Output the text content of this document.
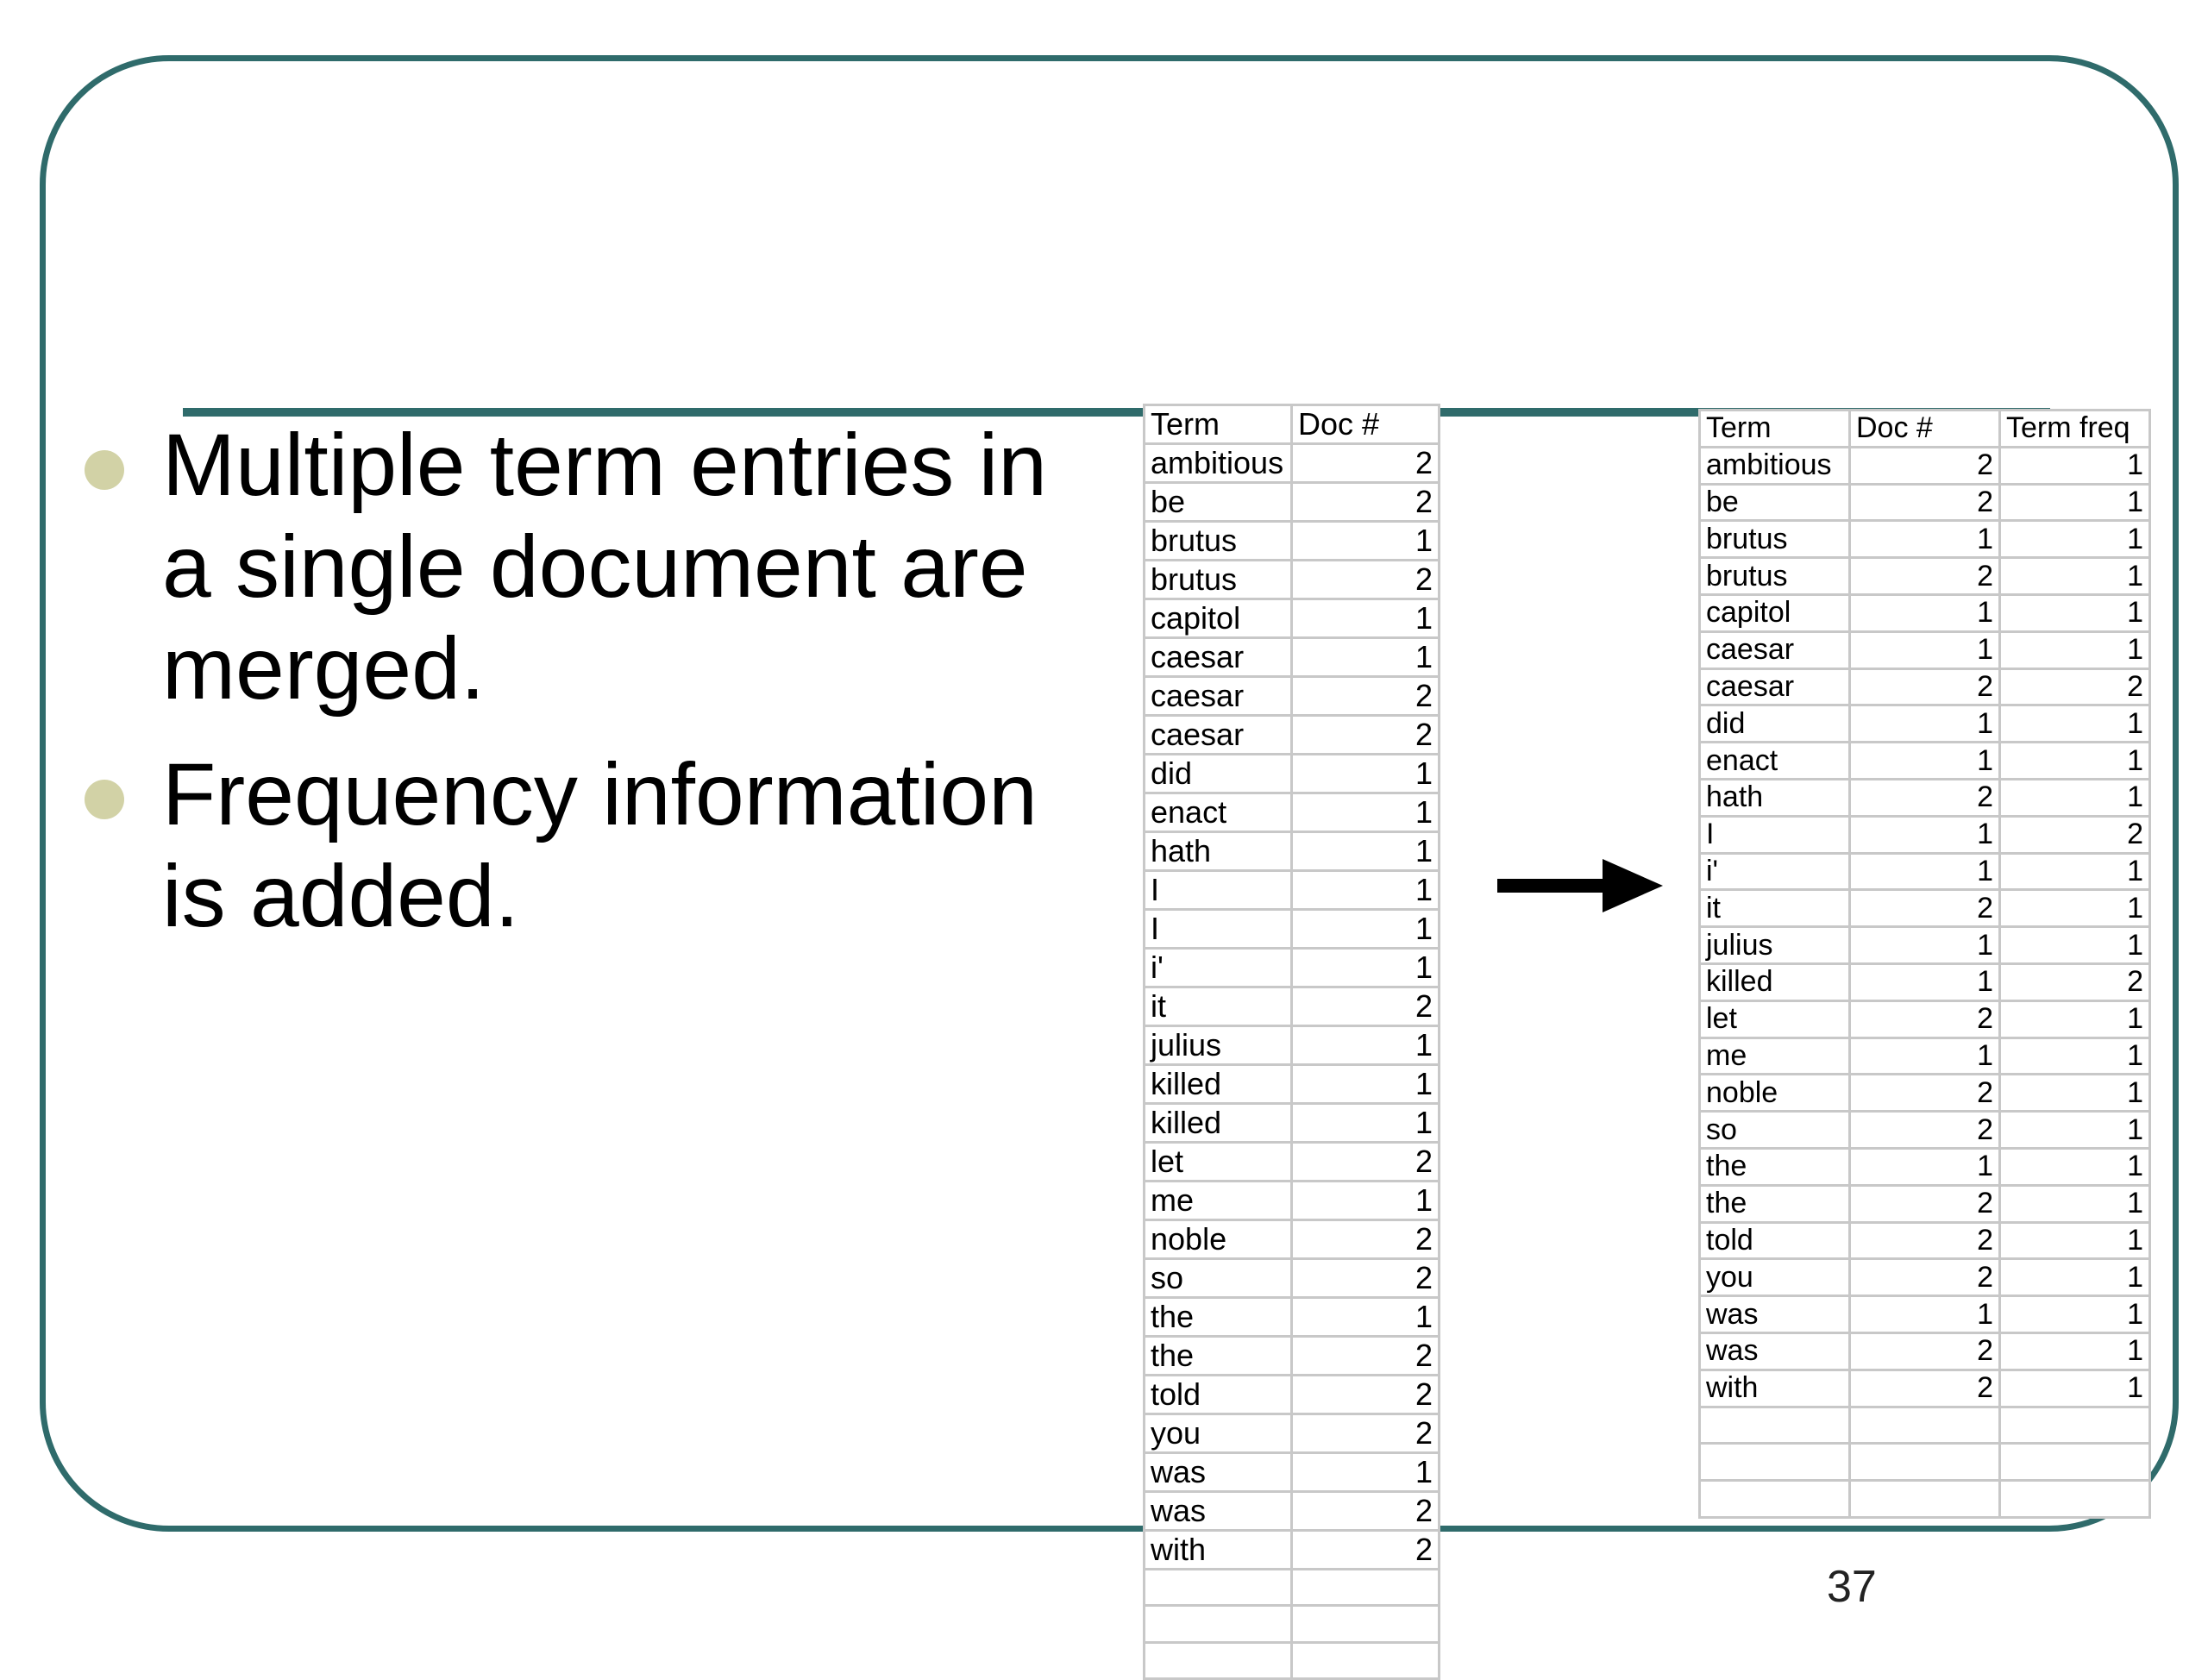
Multiple term entries in a single document are merged.
Frequency information is added.
Term	Doc #
ambitious	2
be	2
brutus	1
brutus	2
capitol	1
caesar	1
caesar	2
caesar	2
did	1
enact	1
hath	1
I	1
I	1
i'	1
it	2
julius	1
killed	1
killed	1
let	2
me	1
noble	2
so	2
the	1
the	2
told	2
you	2
was	1
was	2
with	2

Term	Doc #	Term freq
ambitious	2	1
be	2	1
brutus	1	1
brutus	2	1
capitol	1	1
caesar	1	1
caesar	2	2
did	1	1
enact	1	1
hath	2	1
I	1	2
i'	1	1
it	2	1
julius	1	1
killed	1	2
let	2	1
me	1	1
noble	2	1
so	2	1
the	1	1
the	2	1
told	2	1
you	2	1
was	1	1
was	2	1
with	2	1

37
